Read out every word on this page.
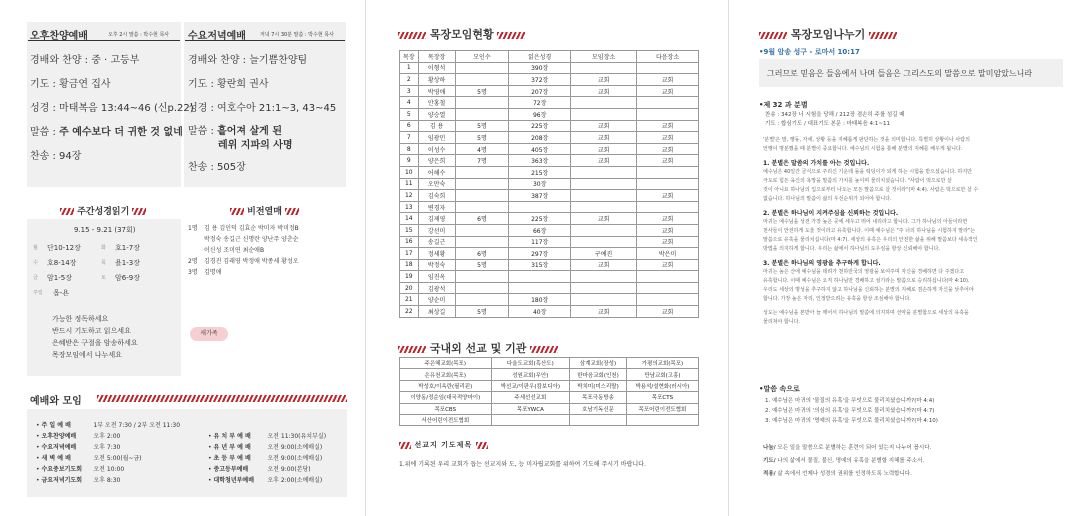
오후찬양예배	오후 2시 말씀 : 박수현 목사 수요저녁예배	저녁 7시 30분 말씀 : 박수현 목사
경배와 찬양 : 중 · 고등부
기도 : 황금연 집사
성경 : 마태복음 13:44~46 (신p.22)
말씀 : 주 예수보다 더 귀한 것 없네
찬송 : 94장
경배와 찬양 : 늘기쁨찬양팀
기도 : 황란희 권사
성경 : 여호수아 21:1~3, 43~45
말씀 : 흩어져 살게 된
레위 지파의 사명
찬송 : 505장
주간성경읽기
9.15 - 9.21 (37회)
월	단10-12장	화	호1-7장
수	호8-14장	목	욜1-3장
금	암1-5장	토	암6-9장
주일	옵-욘
가능한 정독하세요
반드시 기도하고 읽으세요
은혜받은 구절을 암송하세요
목장모임에서 나누세요
비전열매
1명 김 용 김인덕 김효순 박미자 박미정B
박정숙 송길근 신명란 양난주 양춘순
이신성 조미연 최순애B
2명 김경진 김래영 박정애 박종세 황성오
3명 김명애
새가족
예배와 모임
• 주 일 예 배	1부 오전 7:30 / 2부 오전 11:30
• 오후찬양예배	오후 2:00
• 수요저녁예배	오후 7:30
• 새 벽 예 배	오전 5:00(월~금)
• 수요중보기도회 오전 10:00
• 금요저녁기도회 오후 8:30
• 유 치 부 예 배	오전 11:30(유치부실)
• 유 년 부 예 배	오전 9:00(소예배실)
• 초 등 부 예 배	오전 9:00(소예배실)
• 중고등부예배	오전 9:00(본당)
• 대학청년부예배 오후 2:00(소예배실)
목장모임현황
목장	목장장	모인수	읽은성경	모임장소	다음장소
1	이형석		390장		
2	황상하		372장	교회	교회
3	박영애	5명	207장	교회	교회
4	안홍철		72장		
5	양승열		96장		
6	김 용	5명	225장	교회	교회
7	임광민	5명	208장	교회	교회
8	이성수	4명	405장	교회	교회
9	양은희	7명	363장	교회	교회
10	어해수		215장		
11	오만숙		30장		
12	김숙희		387장		교회
13	변경자				
14	김제영	6명	225장	교회	교회
15	강선미		66장		교회
16	송길근		117장		교회
17	정세황	6명	297장	구예진	박은미
18	박정숙	5명	315장	교회	교회
19	임진옥				
20	김광석				
21	양순미		180장		
22	최상길	5명	40장	교회	교회
국내외 선교 및 기관
주은혜교회(목포)	다울도교회(흑산도)	삼계교회(장성)	가평의교회(목포)
은유천교회(목포)	성원교회(무안)	한마음교회(인천)	만남교회(고흥)
박성호/이옥란(필리핀)	박선교/이판우(캄보디아)	박치미(미스리랄)	박용석/설현화(러시아)
이양동/정순임(대국적양마이)	주세선선교회	목포극동방송	목포CTS
목포CBS	목포YWCA	호남기독신문	목포어린이전도협회
서산어린이전도협회			
선교지 기도제목
1.위에 기록된 우리 교회가 돕는 선교지와 도, 능 미자립교회를 위하여 기도해 주시기 바랍니다.
목장모임나누기
•9월 암송 성구 - 로마서 10:17
그러므로 믿음은 들음에서 나며 들음은 그리스도의 말씀으로 말미암았느니라
•제 32 과 분별
찬송 : 342장 너 시험을 당해 / 212장 겸손히 주를 섬길 때
기도 : 합심기도 / 대표기도 본문 : 마태복음 4:1~11
'분별'은 말, 행동, 자세, 상황 등을 지혜롭게 판단하는 것을 의미합니다. 특별히 상황이나 사람의
언행이 명분했을 때 분별이 중요합니다. 예수님의 시험을 통해 분별의 지혜를 배우게 됩니다.
1. 분별은 말씀의 가치를 아는 것입니다.
예수님은 40일간 금식으로 주리신 기운데 돌을 떡덩이가 되게 하는 시험을 받으셨습니다. 하지만
극도로 힘든 육신의 욕망을 말씀의 가치를 높이며 물리치셨습니다. "사람이 떡으로만 살
것이 아니요 하나님의 입으로부터 나오는 모든 말씀으로 살 것이라"(마 4:4). 사람은 떡으로만 살 수
없습니다. 하나님의 말씀이 삶의 우선순위가 되어야 합니다.
2. 분별은 하나님이 지켜주심을 신뢰하는 것입니다.
마귀는 예수님을 성전 가장 높은 곳에 세우고 뛰어 내리라고 합니다. 그가 하나님의 아들이라면
천사들이 안전하게 도울 것이라고 유혹합니다. 이때 예수님은 "주 너의 하나님을 시험하지 말라"는
말씀으로 유혹을 물리치십니다(마 4:7). 세상의 유혹은 우리의 안전한 삶을 위해 말씀보다 세속적인
방법을 의지하게 합니다. 우리는 삶에서 하나님의 도우심을 항상 신뢰해야 합니다.
3. 분별은 하나님의 영광을 추구하게 합니다.
마귀는 높은 산에 예수님을 데려가 천하만국의 영광을 보여주며 자신을 경배하면 다 주겠다고
유혹합니다. 이때 예수님은 오직 하나님만 경배하고 섬기라는 말씀으로 승리하십니다(마 4:10).
우리도 세상의 명성을 추구하지 않고 하나님을 신뢰하는 분별의 지혜로 겸손하게 자신을 낮추어야
합니다. 가장 높은 자리, 인정받으려는 유혹을 항상 조심해야 합니다.
성도는 예수님을 본받아 늘 깨어서 하나님의 말씀에 의지하며 선악을 분별함으로 세상의 유혹을
물리쳐야 합니다.
•말씀 속으로
1. 예수님은 마귀의 '물질의 유혹'을 무엇으로 물리치셨습니까?(마 4:4)
2. 예수님은 마귀의 '의심의 유혹'을 무엇으로 물리치셨습니까?(마 4:7)
3. 예수님은 마귀의 '명예의 유혹'을 무엇으로 물리치셨습니까?(마 4:10)
나눔/ 모든 일을 말씀으로 분별하는 훈련이 되어 있는지 나누어 봅시다.
기도/ 나의 삶에서 물질, 불신, 명예의 유혹을 분별할 지혜를 주소서.
적용/ 삶 속에서 언제나 성경의 권위를 인정하도록 노력합니다.
